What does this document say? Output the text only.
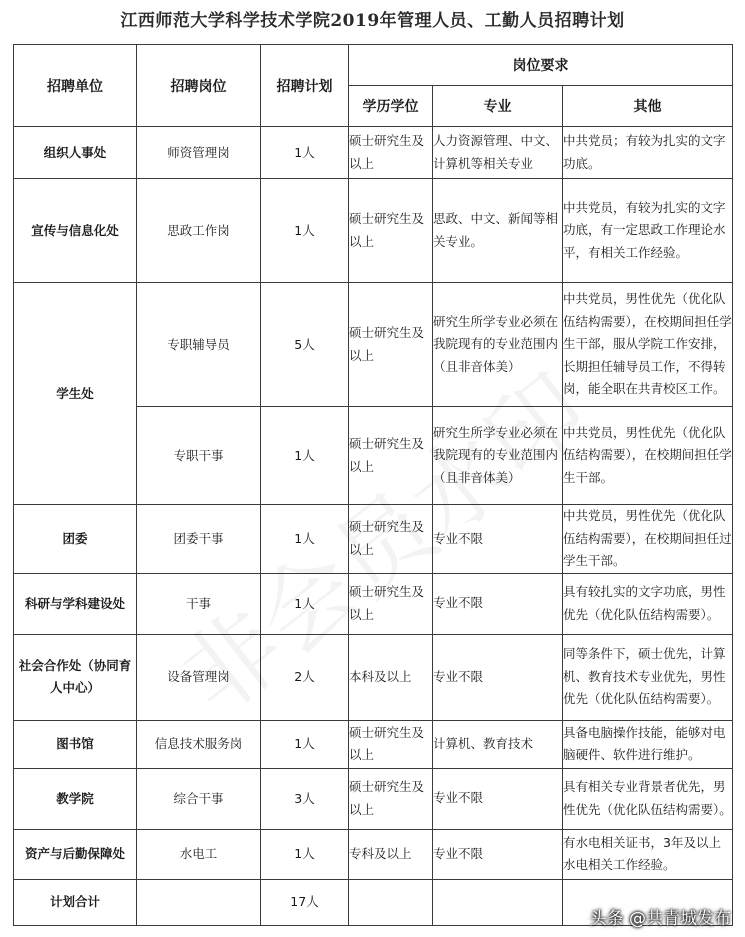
江西师范大学科学技术学院2019年管理人员、工勤人员招聘计划
招聘单位	招聘岗位	招聘计划	岗位要求		
			学历学位	专业	其他
组织人事处	师资管理岗	1人	硕士研究生及以上	人力资源管理、中文、计算机等相关专业	中共党员；有较为扎实的文字功底。
宣传与信息化处	思政工作岗	1人	硕士研究生及以上	思政、中文、新闻等相关专业。	中共党员，有较为扎实的文字功底，有一定思政工作理论水平，有相关工作经验。
学生处	专职辅导员	5人	硕士研究生及以上	研究生所学专业必须在我院现有的专业范围内（且非音体美）	中共党员，男性优先（优化队伍结构需要），在校期间担任学生干部，服从学院工作安排，长期担任辅导员工作，不得转岗，能全职在共青校区工作。
	专职干事	1人	硕士研究生及以上	研究生所学专业必须在我院现有的专业范围内（且非音体美）	中共党员，男性优先（优化队伍结构需要），在校期间担任学生干部。
团委	团委干事	1人	硕士研究生及以上	专业不限	中共党员，男性优先（优化队伍结构需要），在校期间担任过学生干部。
科研与学科建设处	干事	1人	硕士研究生及以上	专业不限	具有较扎实的文字功底，男性优先（优化队伍结构需要）。
社会合作处（协同育人中心）	设备管理岗	2人	本科及以上	专业不限	同等条件下，硕士优先，计算机、教育技术专业优先，男性优先（优化队伍结构需要）。
图书馆	信息技术服务岗	1人	硕士研究生及以上	计算机、教育技术	具备电脑操作技能，能够对电脑硬件、软件进行维护。
教学院	综合干事	3人	硕士研究生及以上	专业不限	具有相关专业背景者优先，男性优先（优化队伍结构需要）。
资产与后勤保障处	水电工	1人	专科及以上	专业不限	有水电相关证书，3年及以上水电相关工作经验。
计划合计		17人			
头条 @共青城发布
